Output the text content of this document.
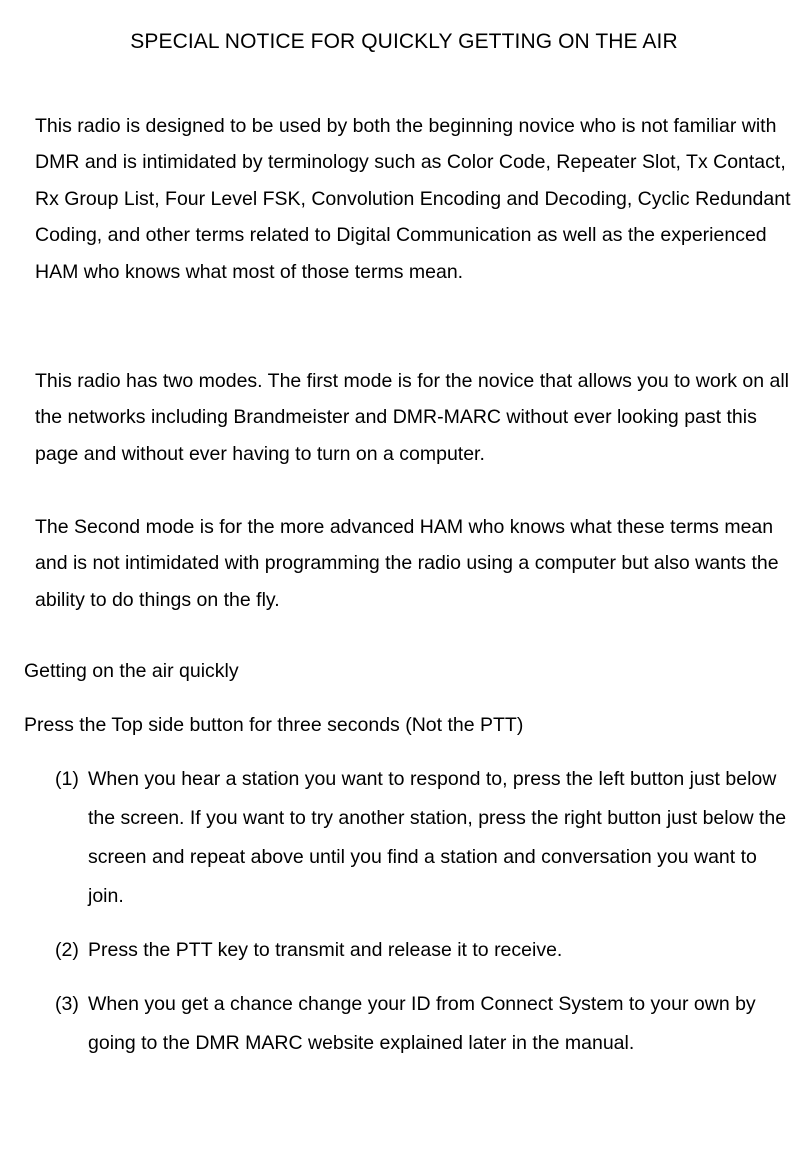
SPECIAL NOTICE FOR QUICKLY GETTING ON THE AIR

This radio is designed to be used by both the beginning novice who is not familiar with DMR and is intimidated by terminology such as Color Code, Repeater Slot, Tx Contact, Rx Group List, Four Level FSK, Convolution Encoding and Decoding, Cyclic Redundant Coding, and other terms related to Digital Communication as well as the experienced HAM who knows what most of those terms mean.

This radio has two modes. The first mode is for the novice that allows you to work on all the networks including Brandmeister and DMR-MARC without ever looking past this page and without ever having to turn on a computer.

The Second mode is for the more advanced HAM who knows what these terms mean and is not intimidated with programming the radio using a computer but also wants the ability to do things on the fly.

Getting on the air quickly

Press the Top side button for three seconds (Not the PTT)

(1) When you hear a station you want to respond to, press the left button just below the screen. If you want to try another station, press the right button just below the screen and repeat above until you find a station and conversation you want to join.
(2) Press the PTT key to transmit and release it to receive.
(3) When you get a chance change your ID from Connect System to your own by going to the DMR MARC website explained later in the manual.
